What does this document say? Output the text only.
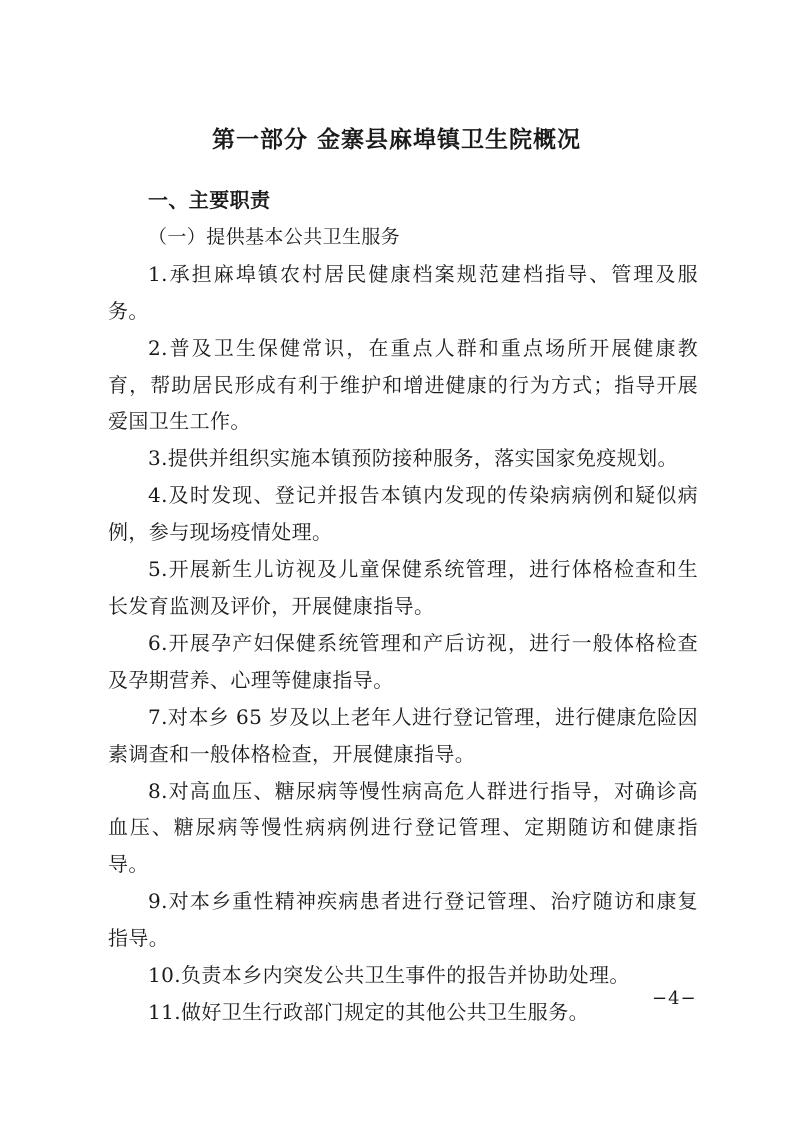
第一部分 金寨县麻埠镇卫生院概况

一、主要职责

（一）提供基本公共卫生服务

1.承担麻埠镇农村居民健康档案规范建档指导、管理及服务。

2.普及卫生保健常识，在重点人群和重点场所开展健康教育，帮助居民形成有利于维护和增进健康的行为方式；指导开展爱国卫生工作。

3.提供并组织实施本镇预防接种服务，落实国家免疫规划。

4.及时发现、登记并报告本镇内发现的传染病病例和疑似病例，参与现场疫情处理。

5.开展新生儿访视及儿童保健系统管理，进行体格检查和生长发育监测及评价，开展健康指导。

6.开展孕产妇保健系统管理和产后访视，进行一般体格检查及孕期营养、心理等健康指导。

7.对本乡 65 岁及以上老年人进行登记管理，进行健康危险因素调查和一般体格检查，开展健康指导。

8.对高血压、糖尿病等慢性病高危人群进行指导，对确诊高血压、糖尿病等慢性病病例进行登记管理、定期随访和健康指导。

9.对本乡重性精神疾病患者进行登记管理、治疗随访和康复指导。

10.负责本乡内突发公共卫生事件的报告并协助处理。

11.做好卫生行政部门规定的其他公共卫生服务。

−4−
